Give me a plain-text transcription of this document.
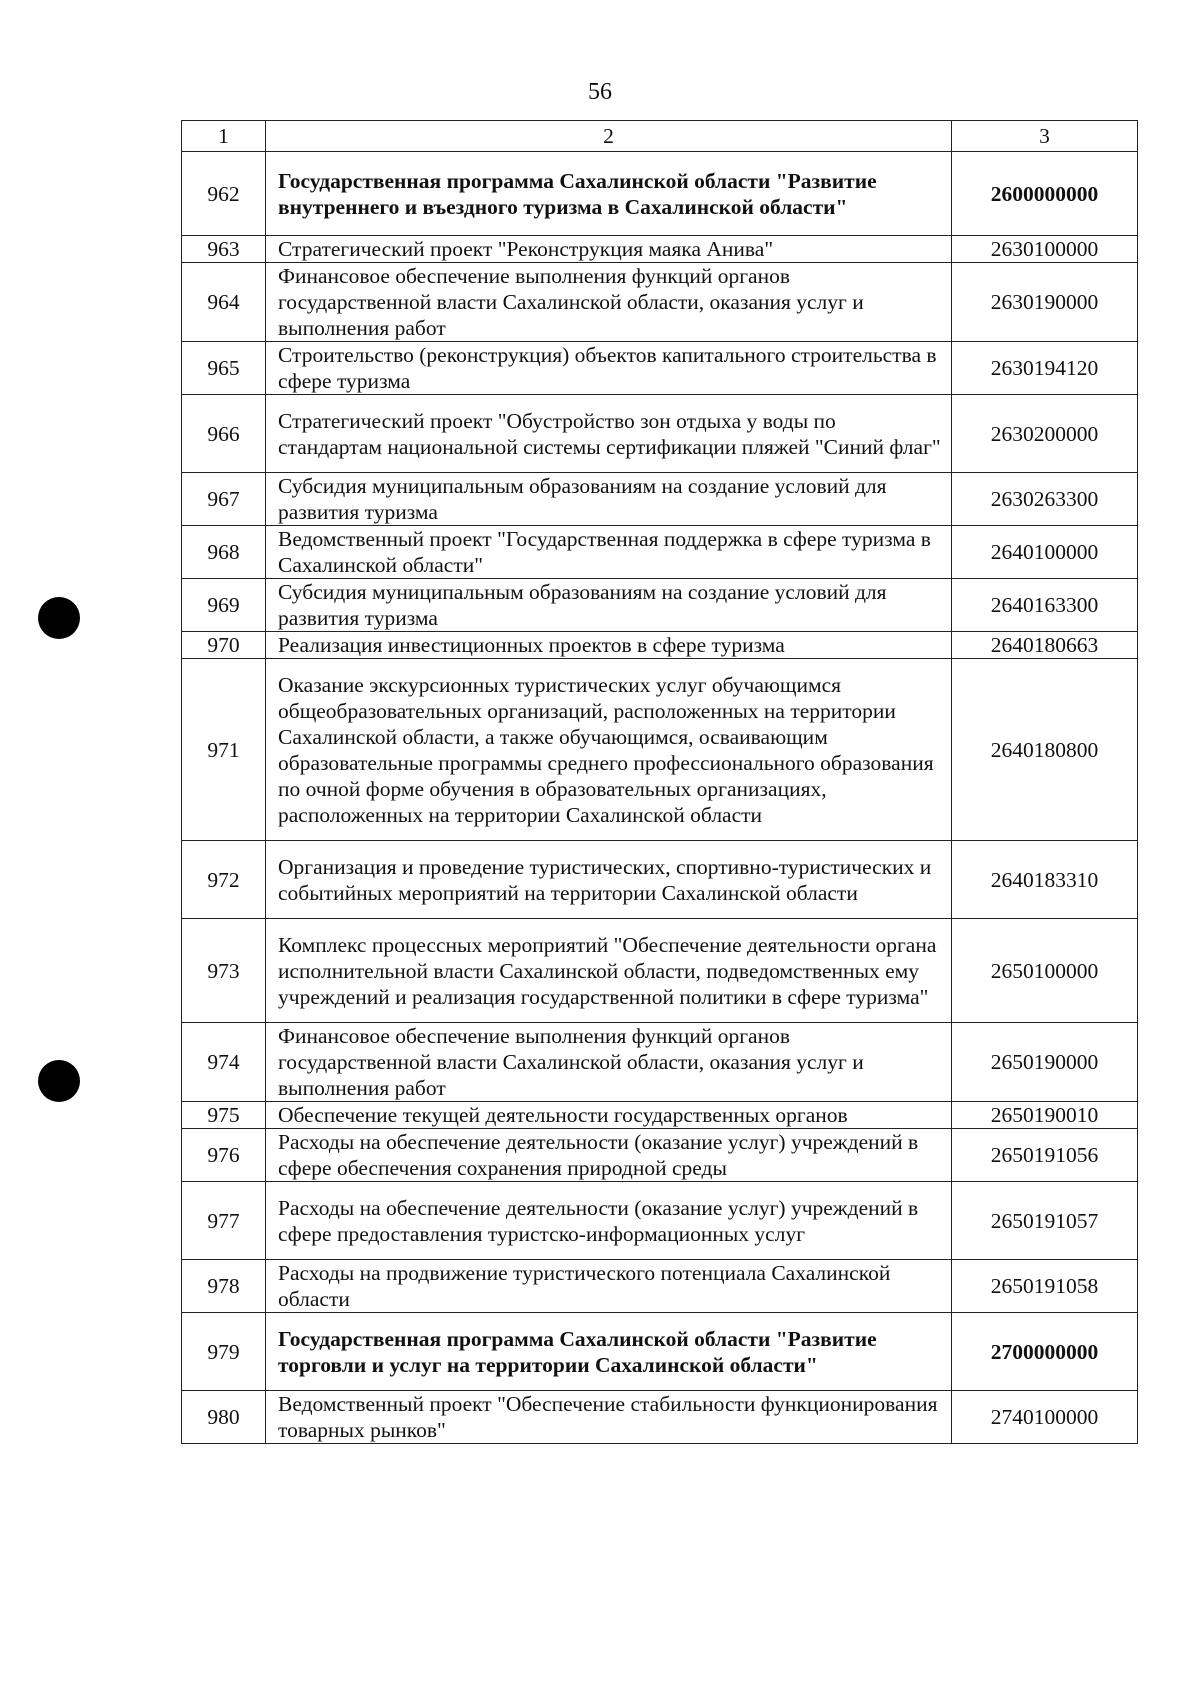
56
1	2	3
962	Государственная программа Сахалинской области "Развитие внутреннего и въездного туризма в Сахалинской области"	2600000000
963	Стратегический проект "Реконструкция маяка Анива"	2630100000
964	Финансовое обеспечение выполнения функций органов государственной власти Сахалинской области, оказания услуг и выполнения работ	2630190000
965	Строительство (реконструкция) объектов капитального строительства в сфере туризма	2630194120
966	Стратегический проект "Обустройство зон отдыха у воды по стандартам национальной системы сертификации пляжей "Синий флаг"	2630200000
967	Субсидия муниципальным образованиям на создание условий для развития туризма	2630263300
968	Ведомственный проект "Государственная поддержка в сфере туризма в Сахалинской области"	2640100000
969	Субсидия муниципальным образованиям на создание условий для развития туризма	2640163300
970	Реализация инвестиционных проектов в сфере туризма	2640180663
971	Оказание экскурсионных туристических услуг обучающимся общеобразовательных организаций, расположенных на территории Сахалинской области, а также обучающимся, осваивающим образовательные программы среднего профессионального образования по очной форме обучения в образовательных организациях, расположенных на территории Сахалинской области	2640180800
972	Организация и проведение туристических, спортивно-туристических и событийных мероприятий на территории Сахалинской области	2640183310
973	Комплекс процессных мероприятий "Обеспечение деятельности органа исполнительной власти Сахалинской области, подведомственных ему учреждений и реализация государственной политики в сфере туризма"	2650100000
974	Финансовое обеспечение выполнения функций органов государственной власти Сахалинской области, оказания услуг и выполнения работ	2650190000
975	Обеспечение текущей деятельности государственных органов	2650190010
976	Расходы на обеспечение деятельности (оказание услуг) учреждений в сфере обеспечения сохранения природной среды	2650191056
977	Расходы на обеспечение деятельности (оказание услуг) учреждений в сфере предоставления туристско-информационных услуг	2650191057
978	Расходы на продвижение туристического потенциала Сахалинской области	2650191058
979	Государственная программа Сахалинской области "Развитие торговли и услуг на территории Сахалинской области"	2700000000
980	Ведомственный проект "Обеспечение стабильности функционирования товарных рынков"	2740100000
